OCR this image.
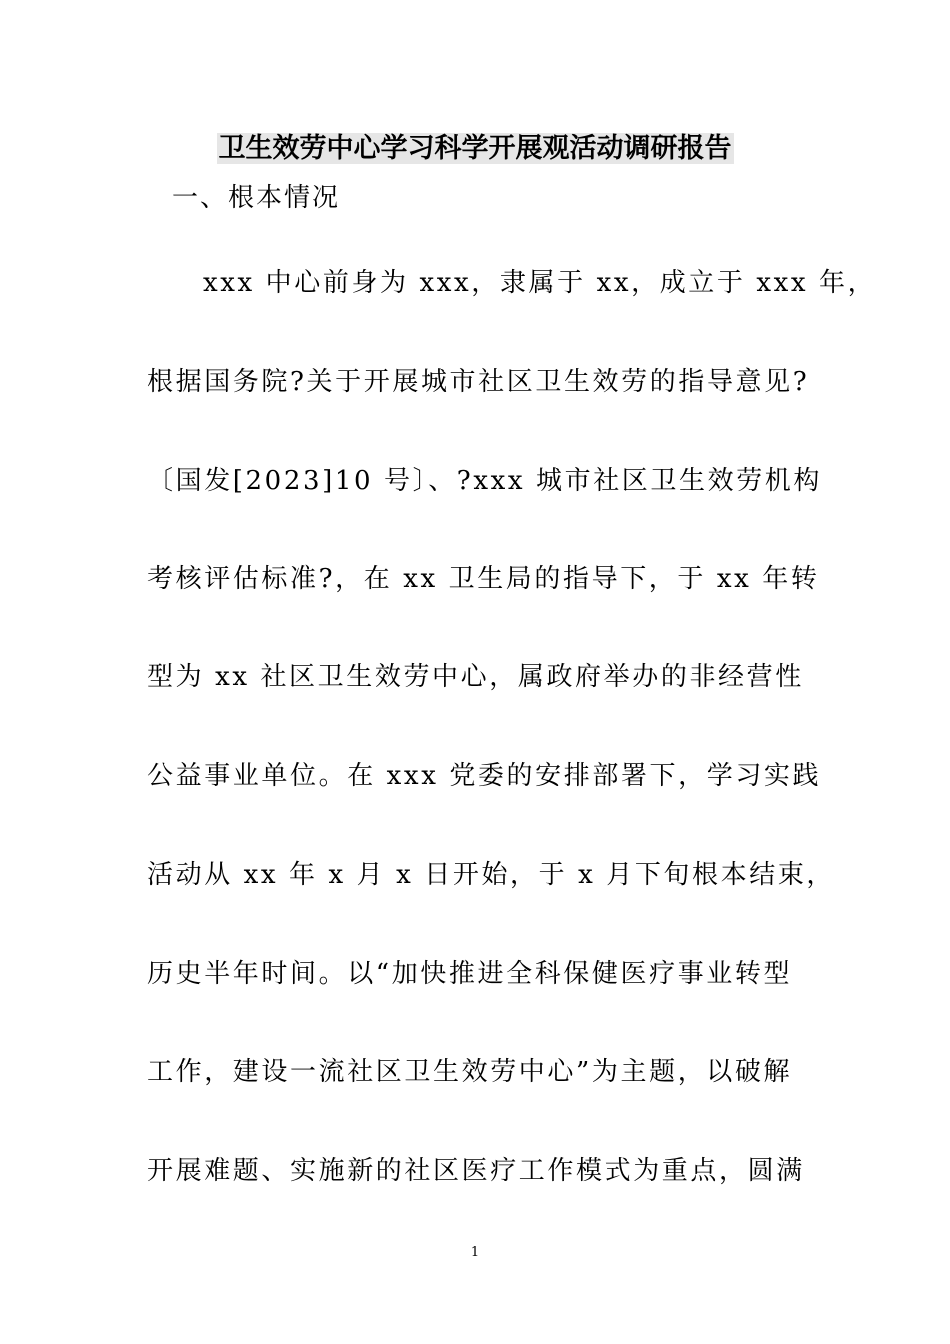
卫生效劳中心学习科学开展观活动调研报告
一、根本情况
xxx 中心前身为 xxx，隶属于 xx，成立于 xxx 年，
根据国务院?关于开展城市社区卫生效劳的指导意见?
〔国发[2023]10 号〕、?xxx 城市社区卫生效劳机构
考核评估标准?，在 xx 卫生局的指导下，于 xx 年转
型为 xx 社区卫生效劳中心，属政府举办的非经营性
公益事业单位。在 xxx 党委的安排部署下，学习实践
活动从 xx 年 x 月 x 日开始，于 x 月下旬根本结束，
历史半年时间。以“加快推进全科保健医疗事业转型
工作，建设一流社区卫生效劳中心”为主题，以破解
开展难题、实施新的社区医疗工作模式为重点，圆满
1
